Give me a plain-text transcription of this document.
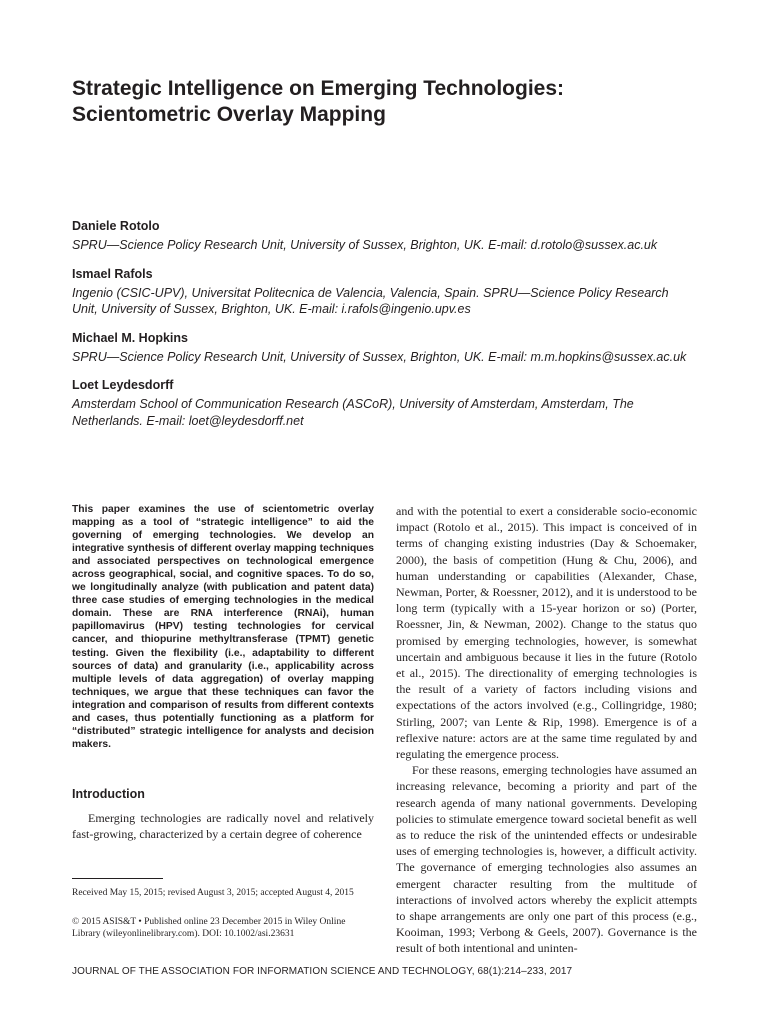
Strategic Intelligence on Emerging Technologies:
Scientometric Overlay Mapping
Daniele Rotolo
SPRU—Science Policy Research Unit, University of Sussex, Brighton, UK. E-mail: d.rotolo@sussex.ac.uk
Ismael Rafols
Ingenio (CSIC-UPV), Universitat Politecnica de Valencia, Valencia, Spain. SPRU—Science Policy Research
Unit, University of Sussex, Brighton, UK. E-mail: i.rafols@ingenio.upv.es
Michael M. Hopkins
SPRU—Science Policy Research Unit, University of Sussex, Brighton, UK. E-mail: m.m.hopkins@sussex.ac.uk
Loet Leydesdorff
Amsterdam School of Communication Research (ASCoR), University of Amsterdam, Amsterdam, The
Netherlands. E-mail: loet@leydesdorff.net
This paper examines the use of scientometric overlay mapping as a tool of “strategic intelligence” to aid the governing of emerging technologies. We develop an integrative synthesis of different overlay mapping techniques and associated perspectives on technological emergence across geographical, social, and cognitive spaces. To do so, we longitudinally analyze (with publication and patent data) three case studies of emerging technologies in the medical domain. These are RNA interference (RNAi), human papillomavirus (HPV) testing technologies for cervical cancer, and thiopurine methyltransferase (TPMT) genetic testing. Given the flexibility (i.e., adaptability to different sources of data) and granularity (i.e., applicability across multiple levels of data aggregation) of overlay mapping techniques, we argue that these techniques can favor the integration and comparison of results from different contexts and cases, thus potentially functioning as a platform for “distributed” strategic intelligence for analysts and decision makers.
Introduction
Emerging technologies are radically novel and relatively fast-growing, characterized by a certain degree of coherence
Received May 15, 2015; revised August 3, 2015; accepted August 4, 2015
© 2015 ASIS&T • Published online 23 December 2015 in Wiley Online Library (wileyonlinelibrary.com). DOI: 10.1002/asi.23631

and with the potential to exert a considerable socio-economic impact (Rotolo et al., 2015). This impact is conceived of in terms of changing existing industries (Day & Schoemaker, 2000), the basis of competition (Hung & Chu, 2006), and human understanding or capabilities (Alexander, Chase, Newman, Porter, & Roessner, 2012), and it is understood to be long term (typically with a 15-year horizon or so) (Porter, Roessner, Jin, & Newman, 2002). Change to the status quo promised by emerging technologies, however, is somewhat uncertain and ambiguous because it lies in the future (Rotolo et al., 2015). The directionality of emerging technologies is the result of a variety of factors including visions and expectations of the actors involved (e.g., Collingridge, 1980; Stirling, 2007; van Lente & Rip, 1998). Emergence is of a reflexive nature: actors are at the same time regulated by and regulating the emergence process.

For these reasons, emerging technologies have assumed an increasing relevance, becoming a priority and part of the research agenda of many national governments. Developing policies to stimulate emergence toward societal benefit as well as to reduce the risk of the unintended effects or undesirable uses of emerging technologies is, however, a difficult activity. The governance of emerging technologies also assumes an emergent character resulting from the multitude of interactions of involved actors whereby the explicit attempts to shape arrangements are only one part of this process (e.g., Kooiman, 1993; Verbong & Geels, 2007). Governance is the result of both intentional and uninten-

JOURNAL OF THE ASSOCIATION FOR INFORMATION SCIENCE AND TECHNOLOGY, 68(1):214–233, 2017
